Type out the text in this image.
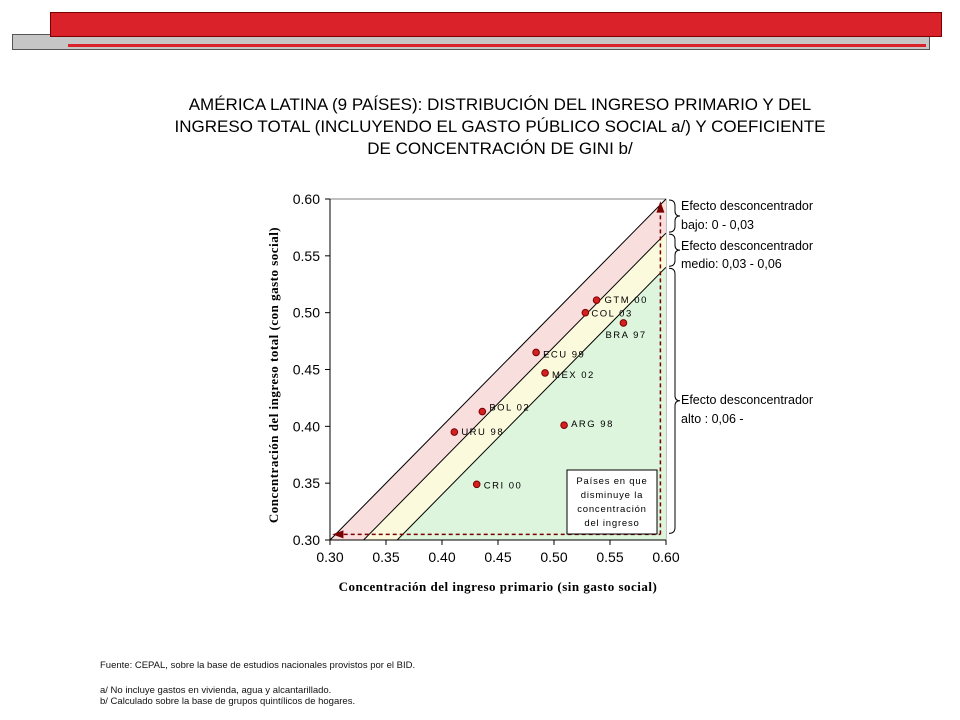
AMÉRICA LATINA (9 PAÍSES): DISTRIBUCIÓN DEL INGRESO PRIMARIO Y DEL
INGRESO TOTAL (INCLUYENDO EL GASTO PÚBLICO SOCIAL a/) Y COEFICIENTE
DE CONCENTRACIÓN DE GINI b/
0.30
0.30
0.35
0.35
0.40
0.40
0.45
0.45
0.50
0.50
0.55
0.55
0.60
0.60	Efecto desconcentrador
bajo: 0 - 0,03
Efecto desconcentrador
medio: 0,03 - 0,06
Efecto desconcentrador
alto : 0,06 -
Países en que
disminuye la
concentración
del ingreso
GTM 00
COL 03
BRA 97
ECU 99
MEX 02
BOL 02
URU 98
ARG 98
CRI 00
Concentración del ingreso primario (sin gasto social)
Concentración del ingreso total (con gasto social)
Fuente: CEPAL, sobre la base de estudios nacionales provistos por el BID.
a/ No incluye gastos en vivienda, agua y alcantarillado.
b/ Calculado sobre la base de grupos quintílicos de hogares.
